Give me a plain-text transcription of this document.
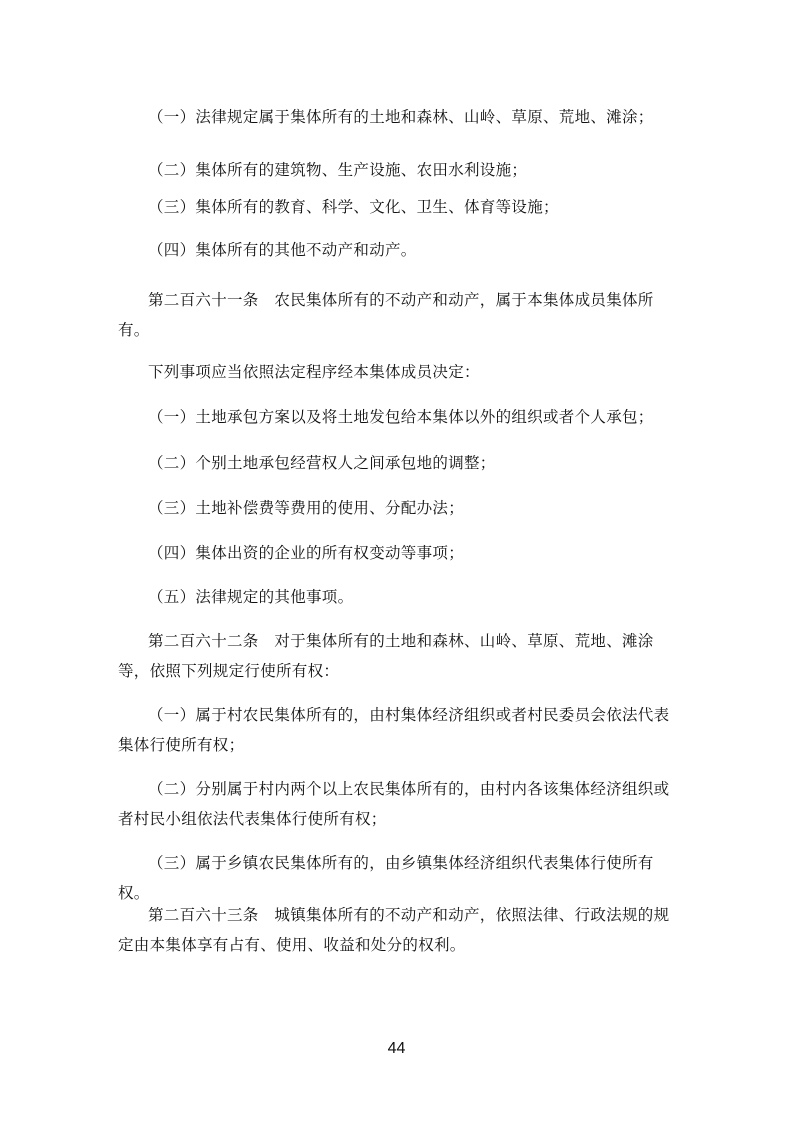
（一）法律规定属于集体所有的土地和森林、山岭、草原、荒地、滩涂；
（二）集体所有的建筑物、生产设施、农田水利设施；
（三）集体所有的教育、科学、文化、卫生、体育等设施；
（四）集体所有的其他不动产和动产。
第二百六十一条　农民集体所有的不动产和动产，属于本集体成员集体所有。
下列事项应当依照法定程序经本集体成员决定：
（一）土地承包方案以及将土地发包给本集体以外的组织或者个人承包；
（二）个别土地承包经营权人之间承包地的调整；
（三）土地补偿费等费用的使用、分配办法；
（四）集体出资的企业的所有权变动等事项；
（五）法律规定的其他事项。
第二百六十二条　对于集体所有的土地和森林、山岭、草原、荒地、滩涂等，依照下列规定行使所有权：
（一）属于村农民集体所有的，由村集体经济组织或者村民委员会依法代表集体行使所有权；
（二）分别属于村内两个以上农民集体所有的，由村内各该集体经济组织或者村民小组依法代表集体行使所有权；
（三）属于乡镇农民集体所有的，由乡镇集体经济组织代表集体行使所有权。
第二百六十三条　城镇集体所有的不动产和动产，依照法律、行政法规的规定由本集体享有占有、使用、收益和处分的权利。
44
